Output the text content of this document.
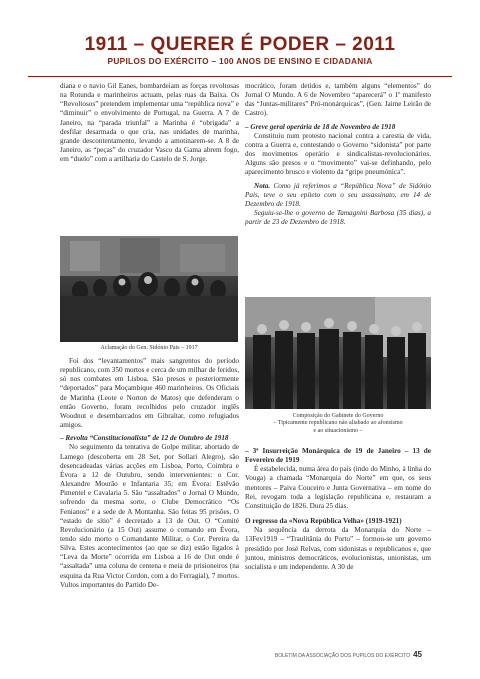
1911 – QUERER É PODER – 2011
PUPILOS DO EXÉRCITO – 100 ANOS DE ENSINO E CIDADANIA

diana e o navio Gil Eanes, bombardeiam as forças revoltosas na Rotunda e marinheiros actuam, pelas ruas da Baixa. Os “Revoltosos” pretendem implementar uma “república nova” e “diminuir” o envolvimento de Portugal, na Guerra. A 7 de Janeiro, na “parada triunfal” a Marinha é “obrigada” a desfilar desarmada o que cria, nas unidades de marinha, grande descontentamento, levando a amotinarem-se. A 8 de Janeiro, as “peças” do cruzador Vasco da Gama abrem fogo, em “duelo” com a artilharia do Castelo de S. Jorge.

Aclamação do Gen. Sidónio Pais – 1917

Foi dos “levantamentos” mais sangrentos do período republicano, com 350 mortos e cerca de um milhar de feridos, só nos combates em Lisboa. São presos e posteriormente “deportados” para Moçambique 460 marinheiros. Os Oficiais de Marinha (Leote e Norton de Matos) que defenderam o então Governo, foram recolhidos pelo cruzador inglês Woodnut e desembarcados em Gibraltar, como refugiados amigos.

– Revolta “Constitucionalista” de 12 de Outubro de 1918

No seguimento da tentativa de Golpe militar, abortado de Lamego (descoberta em 28 Set, por Sollari Alegro), são desencadeadas várias acções em Lisboa, Porto, Coimbra e Évora a 12 de Outubro, sendo intervenientes: o Cor. Alexandre Mourão e Infantaria 35; em Évora: Estêvão Pimentel e Cavalaria 5. São “assaltados” o Jornal O Mundo, sofrendo da mesma sorte, o Clube Democrático “Os Fenianos” e a sede de A Montanha. São feitas 95 prisões. O “estado de sítio” é decretado a 13 de Out. O “Comité Revolucionário (a 15 Out) assume o comando em Évora, tendo sido morto o Comandante Militar, o Cor. Pereira da Silva. Estes acontecimentos (ao que se diz) estão ligados à “Leva da Morte” ocorrida em Lisboa a 16 de Out onde é “assaltada” uma coluna de centena e meia de prisioneiros (na esquina da Rua Victor Cordon, com a do Ferragial), 7 mortos. Vultos importantes do Partido De-

mocrático, foram detidos e, também alguns “elementos” do Jornal O Mundo. A 6 de Novembro “aparecerá” o 1º manifesto das “Juntas-militares” Pró-monárquicas”, (Gen. Jaime Leirão de Castro).

– Greve geral operária de 18 de Novembro de 1918

Constituiu num protesto nacional contra a carestia de vida, contra a Guerra e, contestando o Governo “sidonista” por parte dos movimentos operário e sindicalistas-revolucionários. Alguns são presos e o “movimento” vai-se definhando, pelo aparecimento brusco e violento da “gripe pneumónica”.

Nota. Como já referimos a “República Nova” de Sidónio Pais, teve o seu epíteto com o seu assassinato, em 14 de Dezembro de 1918.

Seguiu-se-lhe o governo de Tamagnini Barbosa (35 dias), a partir de 23 de Dezembro de 1918.

Composição do Gabinete do Governo
– Tipicamente republicano não aliabado ao afonsismo
e ao situacionismo –

– 3ª Insurreição Monárquica de 19 de Janeiro – 13 de Fevereiro de 1919

É estabelecida, numa área do país (indo do Minho, à linha do Vouga) a chamada “Monarquia do Norte” em que, os seus mentores – Paiva Couceiro e Junta Governativa – em nome do Rei, revogam toda a legislação republicana e, restauram a Constituição de 1826. Dura 25 dias.

O regresso da «Nova República Velha» (1919-1921)

Na sequência da derrota da Monarquia do Norte – 13Fev1919 – “Traulitânia do Porto” – formou-se um governo presidido por José Relvas, com sidonistas e republicanos e, que juntou, ministros democráticos, evolucionistas, unionistas, um socialista e um independente. A 30 de

BOLETIM DA ASSOCIAÇÃO DOS PUPILOS DO EXÉRCITO 45
